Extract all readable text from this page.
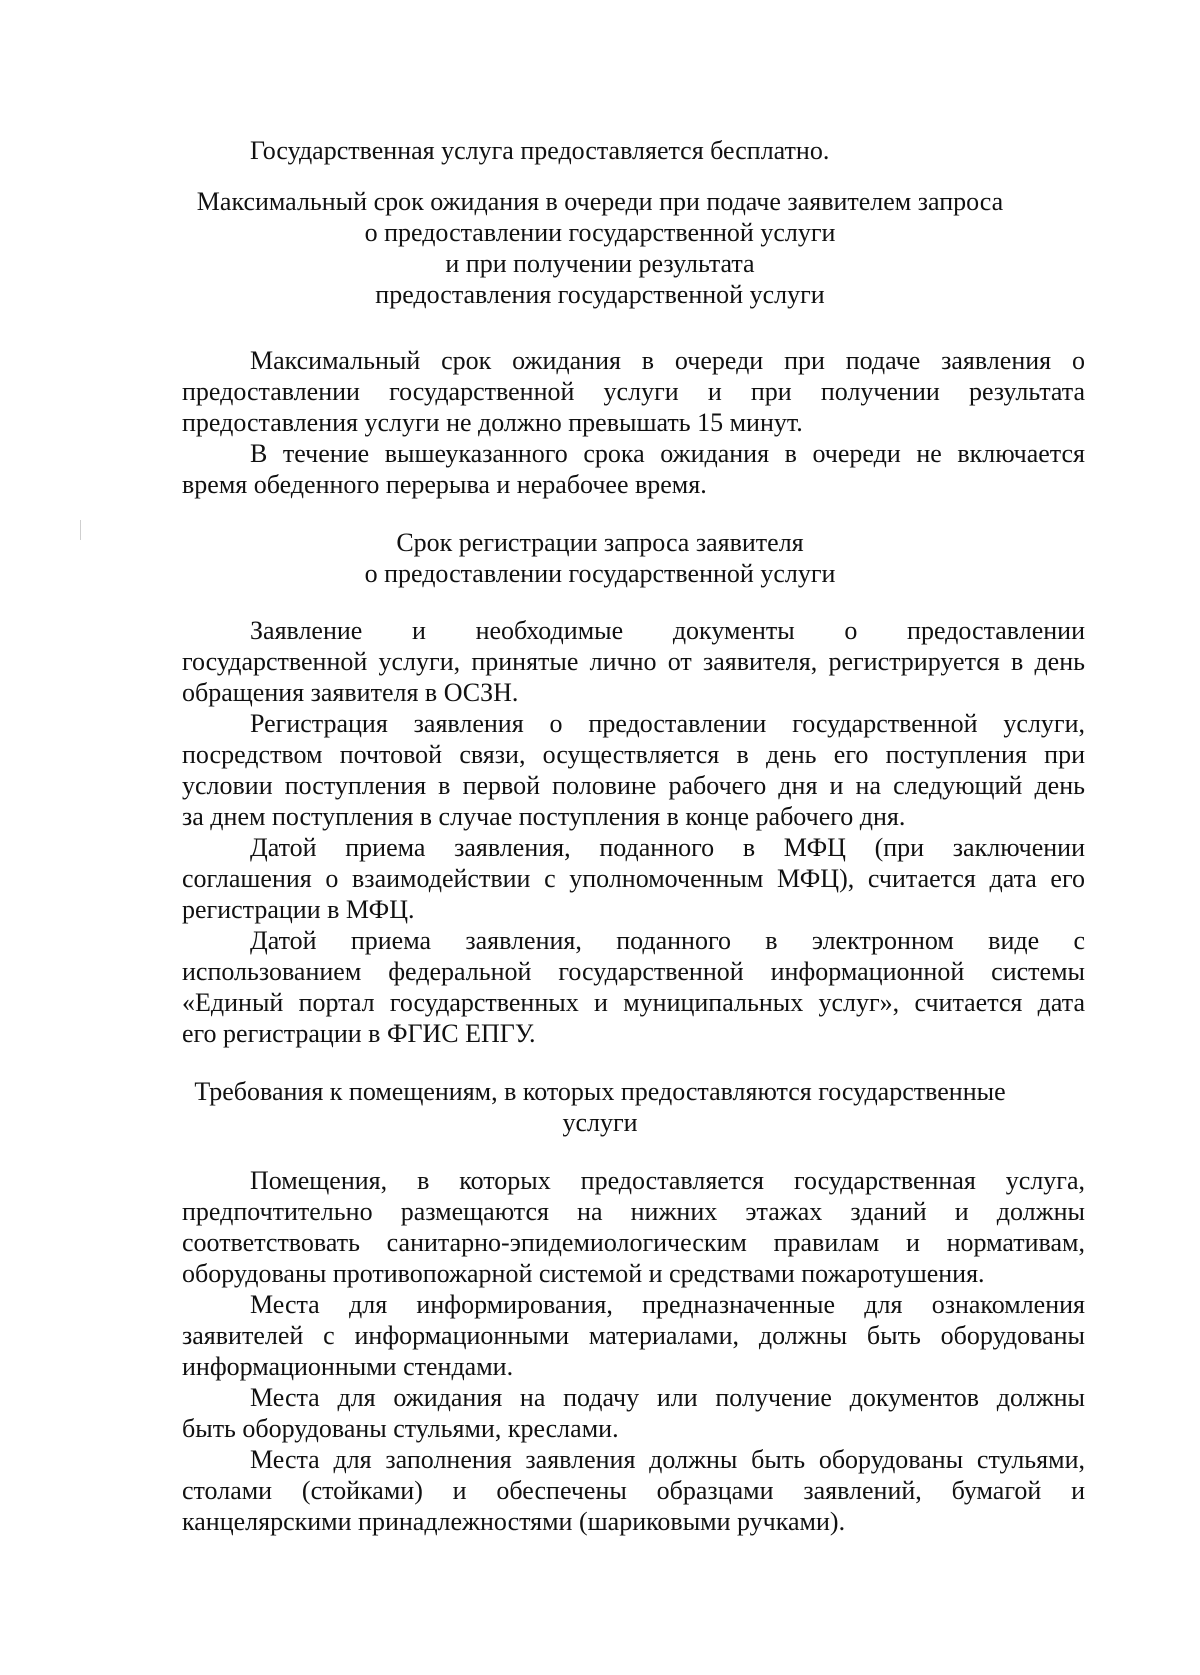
Государственная услуга предоставляется бесплатно.
Максимальный срок ожидания в очереди при подаче заявителем запроса
о предоставлении государственной услуги
и при получении результата
предоставления государственной услуги
Максимальный срок ожидания в очереди при подаче заявления о
предоставлении государственной услуги и при получении результата
предоставления услуги не должно превышать 15 минут.
В течение вышеуказанного срока ожидания в очереди не включается
время обеденного перерыва и нерабочее время.
Срок регистрации запроса заявителя
о предоставлении государственной услуги
Заявление и необходимые документы о предоставлении
государственной услуги, принятые лично от заявителя, регистрируется в день
обращения заявителя в ОСЗН.
Регистрация заявления о предоставлении государственной услуги,
посредством почтовой связи, осуществляется в день его поступления при
условии поступления в первой половине рабочего дня и на следующий день
за днем поступления в случае поступления в конце рабочего дня.
Датой приема заявления, поданного в МФЦ (при заключении
соглашения о взаимодействии с уполномоченным МФЦ), считается дата его
регистрации в МФЦ.
Датой приема заявления, поданного в электронном виде с
использованием федеральной государственной информационной системы
«Единый портал государственных и муниципальных услуг», считается дата
его регистрации в ФГИС ЕПГУ.
Требования к помещениям, в которых предоставляются государственные
услуги
Помещения, в которых предоставляется государственная услуга,
предпочтительно размещаются на нижних этажах зданий и должны
соответствовать санитарно-эпидемиологическим правилам и нормативам,
оборудованы противопожарной системой и средствами пожаротушения.
Места для информирования, предназначенные для ознакомления
заявителей с информационными материалами, должны быть оборудованы
информационными стендами.
Места для ожидания на подачу или получение документов должны
быть оборудованы стульями, креслами.
Места для заполнения заявления должны быть оборудованы стульями,
столами (стойками) и обеспечены образцами заявлений, бумагой и
канцелярскими принадлежностями (шариковыми ручками).
